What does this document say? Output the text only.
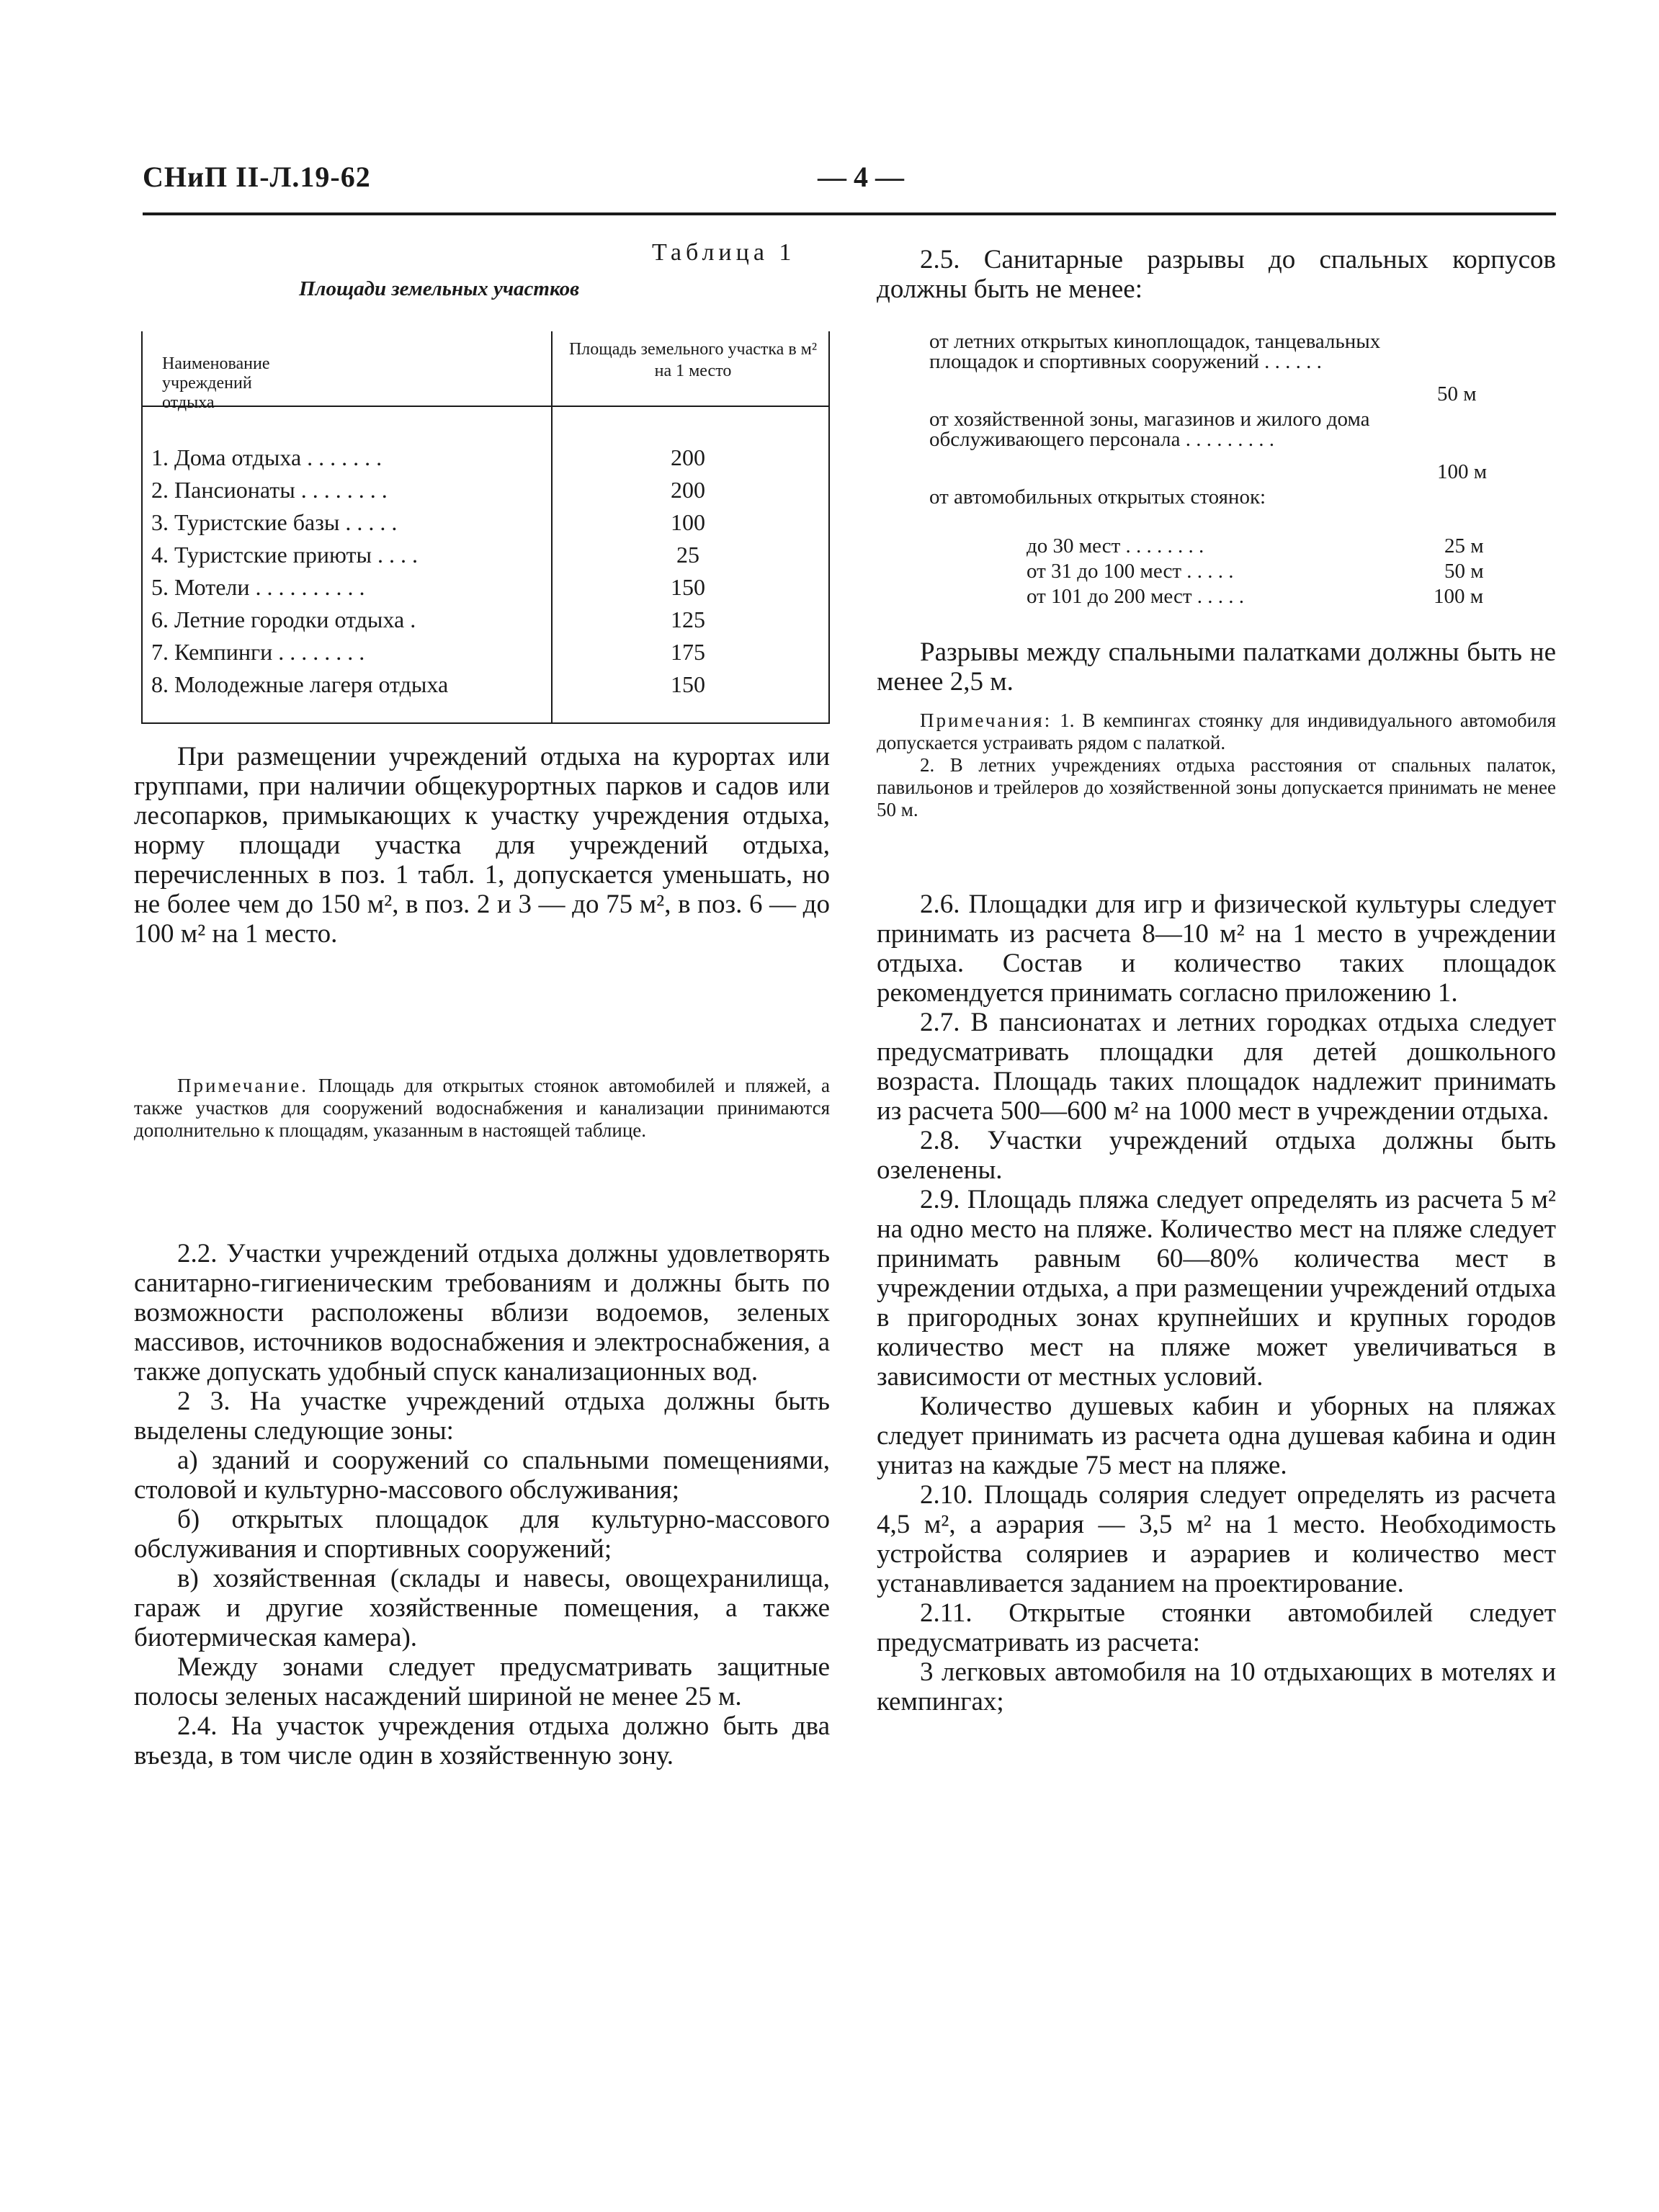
СНиП II-Л.19-62	— 4 —
Таблица 1
Площади земельных участков
Наименование учреждений отдыха
Площадь земельного участка в м² на 1 место
1. Дома отдыха . . . . . . .	200
2. Пансионаты . . . . . . . .	200
3. Туристские базы . . . . .	100
4. Туристские приюты . . . .	25
5. Мотели . . . . . . . . . .	150
6. Летние городки отдыха .	125
7. Кемпинги . . . . . . . .	175
8. Молодежные лагеря отдыха	150

При размещении учреждений отдыха на курортах или группами, при наличии общекурортных парков и садов или лесопарков, примыкающих к участку учреждения отдыха, норму площади участка для учреждений отдыха, перечисленных в поз. 1 табл. 1, допускается уменьшать, но не более чем до 150 м², в поз. 2 и 3 — до 75 м², в поз. 6 — до 100 м² на 1 место.

Примечание. Площадь для открытых стоянок автомобилей и пляжей, а также участков для сооружений водоснабжения и канализации принимаются дополнительно к площадям, указанным в настоящей таблице.

2.2. Участки учреждений отдыха должны удовлетворять санитарно-гигиеническим требованиям и должны быть по возможности расположены вблизи водоемов, зеленых массивов, источников водоснабжения и электроснабжения, а также допускать удобный спуск канализационных вод.

2 3. На участке учреждений отдыха должны быть выделены следующие зоны:

а) зданий и сооружений со спальными помещениями, столовой и культурно-массового обслуживания;

б) открытых площадок для культурно-массового обслуживания и спортивных сооружений;

в) хозяйственная (склады и навесы, овощехранилища, гараж и другие хозяйственные помещения, а также биотермическая камера).

Между зонами следует предусматривать защитные полосы зеленых насаждений шириной не менее 25 м.

2.4. На участок учреждения отдыха должно быть два въезда, в том числе один в хозяйственную зону.

2.5. Санитарные разрывы до спальных корпусов должны быть не менее:

от летних открытых киноплощадок, танцевальных площадок и спортивных сооружений . . . . . .
50 м
от хозяйственной зоны, магазинов и жилого дома обслуживающего персонала . . . . . . . . .
100 м
от автомобильных открытых стоянок:
до 30 мест . . . . . . . .	25 м
от 31 до 100 мест . . . . .	50 м
от 101 до 200 мест . . . . .	100 м

Разрывы между спальными палатками должны быть не менее 2,5 м.

Примечания: 1. В кемпингах стоянку для индивидуального автомобиля допускается устраивать рядом с палаткой.

2. В летних учреждениях отдыха расстояния от спальных палаток, павильонов и трейлеров до хозяйственной зоны допускается принимать не менее 50 м.

2.6. Площадки для игр и физической культуры следует принимать из расчета 8—10 м² на 1 место в учреждении отдыха. Состав и количество таких площадок рекомендуется принимать согласно приложению 1.

2.7. В пансионатах и летних городках отдыха следует предусматривать площадки для детей дошкольного возраста. Площадь таких площадок надлежит принимать из расчета 500—600 м² на 1000 мест в учреждении отдыха.

2.8. Участки учреждений отдыха должны быть озеленены.

2.9. Площадь пляжа следует определять из расчета 5 м² на одно место на пляже. Количество мест на пляже следует принимать равным 60—80% количества мест в учреждении отдыха, а при размещении учреждений отдыха в пригородных зонах крупнейших и крупных городов количество мест на пляже может увеличиваться в зависимости от местных условий.

Количество душевых кабин и уборных на пляжах следует принимать из расчета одна душевая кабина и один унитаз на каждые 75 мест на пляже.

2.10. Площадь солярия следует определять из расчета 4,5 м², а аэрария — 3,5 м² на 1 место. Необходимость устройства соляриев и аэрариев и количество мест устанавливается заданием на проектирование.

2.11. Открытые стоянки автомобилей следует предусматривать из расчета:

3 легковых автомобиля на 10 отдыхающих в мотелях и кемпингах;
